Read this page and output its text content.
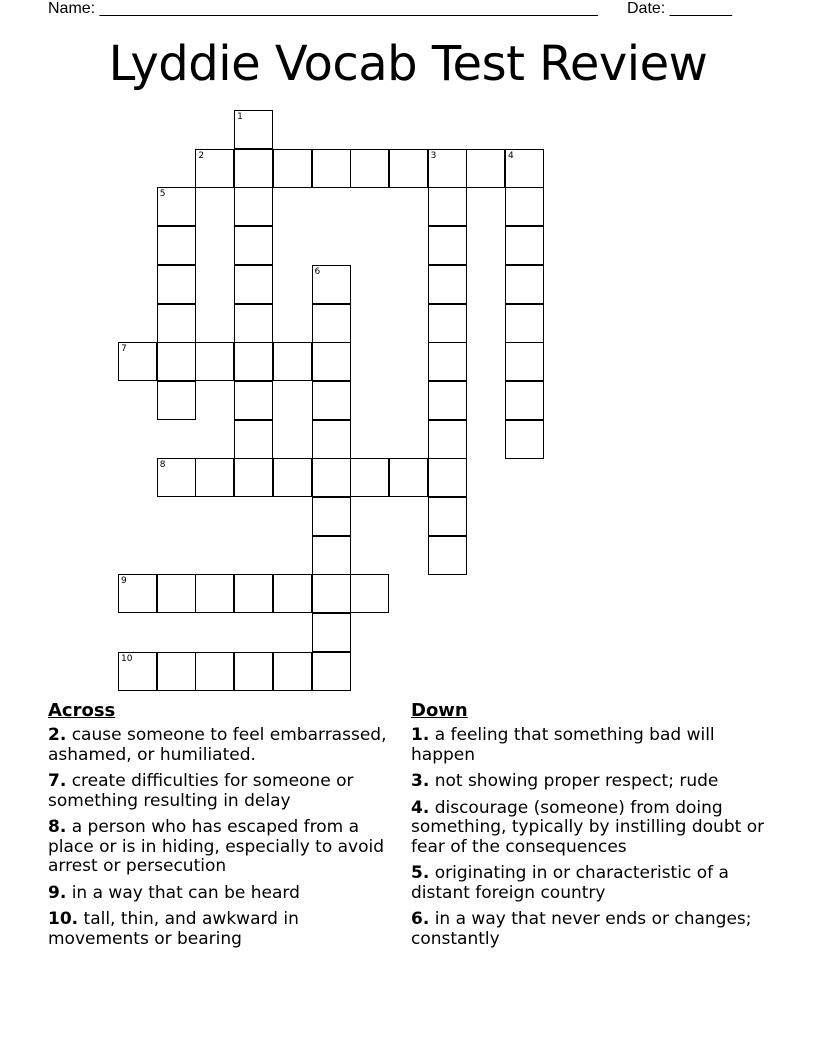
Name: ________________________________________________________ Date: _______
Lyddie Vocab Test Review
1
2	3	4
5
6
7
8
9
10
Across
2. cause someone to feel embarrassed, ashamed, or humiliated.
7. create difficulties for someone or something resulting in delay
8. a person who has escaped from a place or is in hiding, especially to avoid arrest or persecution
9. in a way that can be heard
10. tall, thin, and awkward in movements or bearing
Down
1. a feeling that something bad will happen
3. not showing proper respect; rude
4. discourage (someone) from doing something, typically by instilling doubt or fear of the consequences
5. originating in or characteristic of a distant foreign country
6. in a way that never ends or changes; constantly
